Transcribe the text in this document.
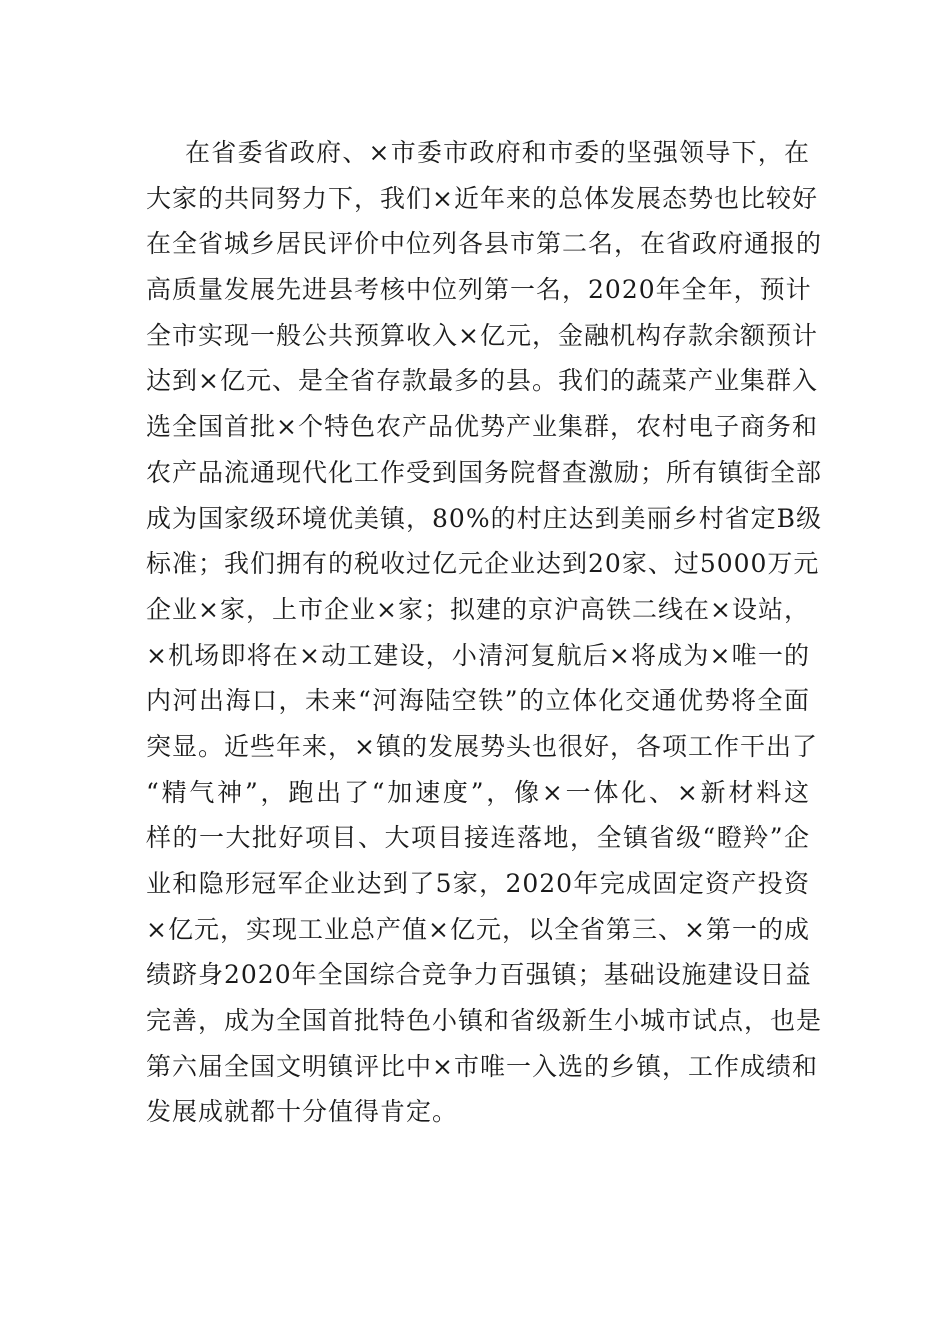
在省委省政府、×市委市政府和市委的坚强领导下，在
大家的共同努力下，我们×近年来的总体发展态势也比较好
在全省城乡居民评价中位列各县市第二名，在省政府通报的
高质量发展先进县考核中位列第一名，2020年全年，预计
全市实现一般公共预算收入×亿元，金融机构存款余额预计
达到×亿元、是全省存款最多的县。我们的蔬菜产业集群入
选全国首批×个特色农产品优势产业集群，农村电子商务和
农产品流通现代化工作受到国务院督查激励；所有镇街全部
成为国家级环境优美镇，80%的村庄达到美丽乡村省定B级
标准；我们拥有的税收过亿元企业达到20家、过5000万元
企业×家，上市企业×家；拟建的京沪高铁二线在×设站，
×机场即将在×动工建设，小清河复航后×将成为×唯一的
内河出海口，未来“河海陆空铁”的立体化交通优势将全面
突显。近些年来，×镇的发展势头也很好，各项工作干出了
“精气神”，跑出了“加速度”，像×一体化、×新材料这
样的一大批好项目、大项目接连落地，全镇省级“瞪羚”企
业和隐形冠军企业达到了5家，2020年完成固定资产投资
×亿元，实现工业总产值×亿元，以全省第三、×第一的成
绩跻身2020年全国综合竞争力百强镇；基础设施建设日益
完善，成为全国首批特色小镇和省级新生小城市试点，也是
第六届全国文明镇评比中×市唯一入选的乡镇，工作成绩和
发展成就都十分值得肯定。
